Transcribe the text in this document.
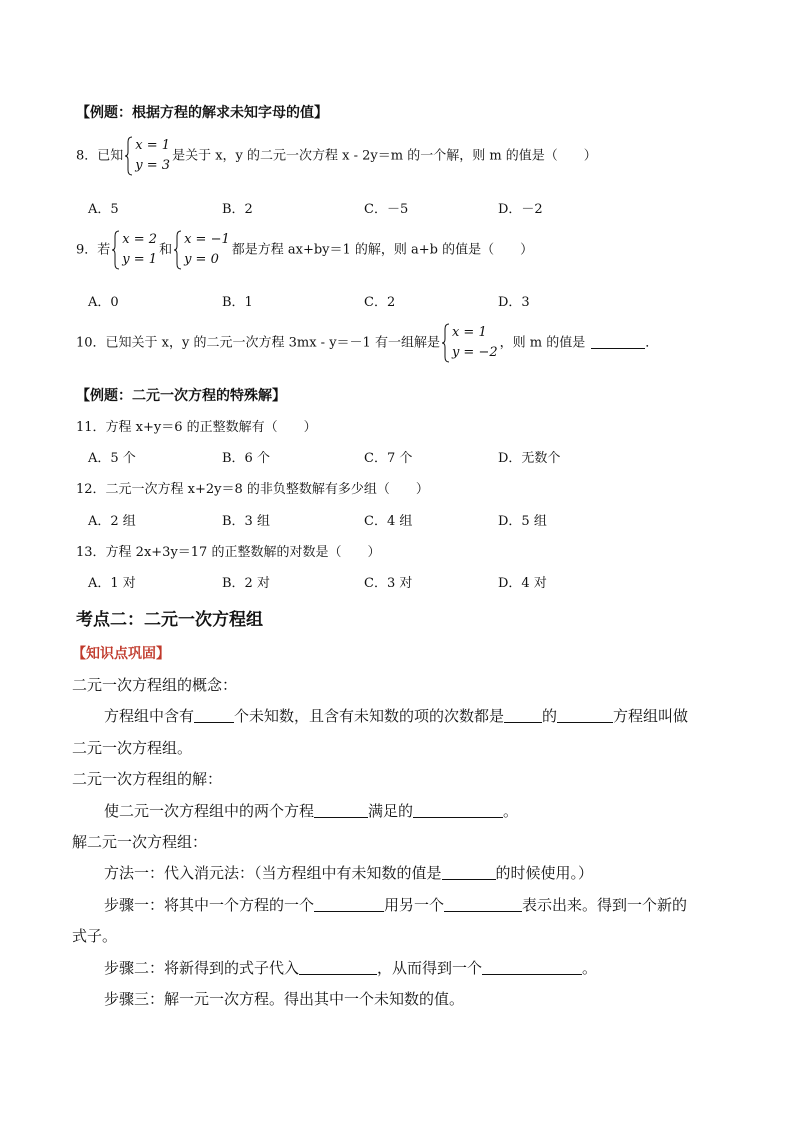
【例题：根据方程的解求未知字母的值】
8．已知
x = 1
y = 3
是关于 x，y 的二元一次方程 x - 2y＝m 的一个解，则 m 的值是（　　）
A．5	B．2	C．－5	D．－2
9．若
x = 2
y = 1
和
x = −1
y = 0
都是方程 ax+by＝1 的解，则 a+b 的值是（　　）
A．0	B．1	C．2	D．3
10．已知关于 x，y 的二元一次方程 3mx - y＝－1 有一组解是
x = 1
y = −2
，则 m 的值是	．
【例题：二元一次方程的特殊解】
11．方程 x+y＝6 的正整数解有（　　）
A．5 个	B．6 个	C．7 个	D．无数个
12．二元一次方程 x+2y＝8 的非负整数解有多少组（　　）
A．2 组	B．3 组	C．4 组	D．5 组
13．方程 2x+3y＝17 的正整数解的对数是（　　）
A．1 对	B．2 对	C．3 对	D．4 对
考点二：二元一次方程组
【知识点巩固】
二元一次方程组的概念：
方程组中含有	个未知数，且含有未知数的项的次数都是	的	方程组叫做
二元一次方程组。
二元一次方程组的解：
使二元一次方程组中的两个方程	满足的	。
解二元一次方程组：
方法一：代入消元法：（当方程组中有未知数的值是	的时候使用。）
步骤一：将其中一个方程的一个	用另一个	表示出来。得到一个新的
式子。
步骤二：将新得到的式子代入	，从而得到一个	。
步骤三：解一元一次方程。得出其中一个未知数的值。
